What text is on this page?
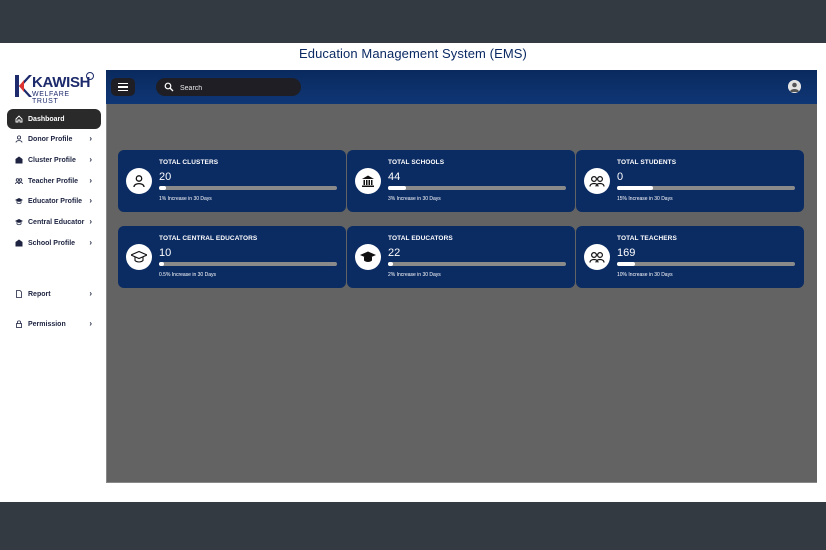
Education Management System (EMS)
KAWISH
WELFARE TRUST
Dashboard
Donor Profile ›
Cluster Profile ›
Teacher Profile ›
Educator Profile ›
Central Educator ›
School Profile ›
Report	›
Permission	›
Search
TOTAL CLUSTERS
20
1% Increase in 30 Days
TOTAL SCHOOLS
44
3% Increase in 30 Days
TOTAL STUDENTS
0
15% Increase in 30 Days
TOTAL CENTRAL EDUCATORS
10
0.5% Increase in 30 Days
TOTAL EDUCATORS
22
2% Increase in 30 Days
TOTAL TEACHERS
169
10% Increase in 30 Days
